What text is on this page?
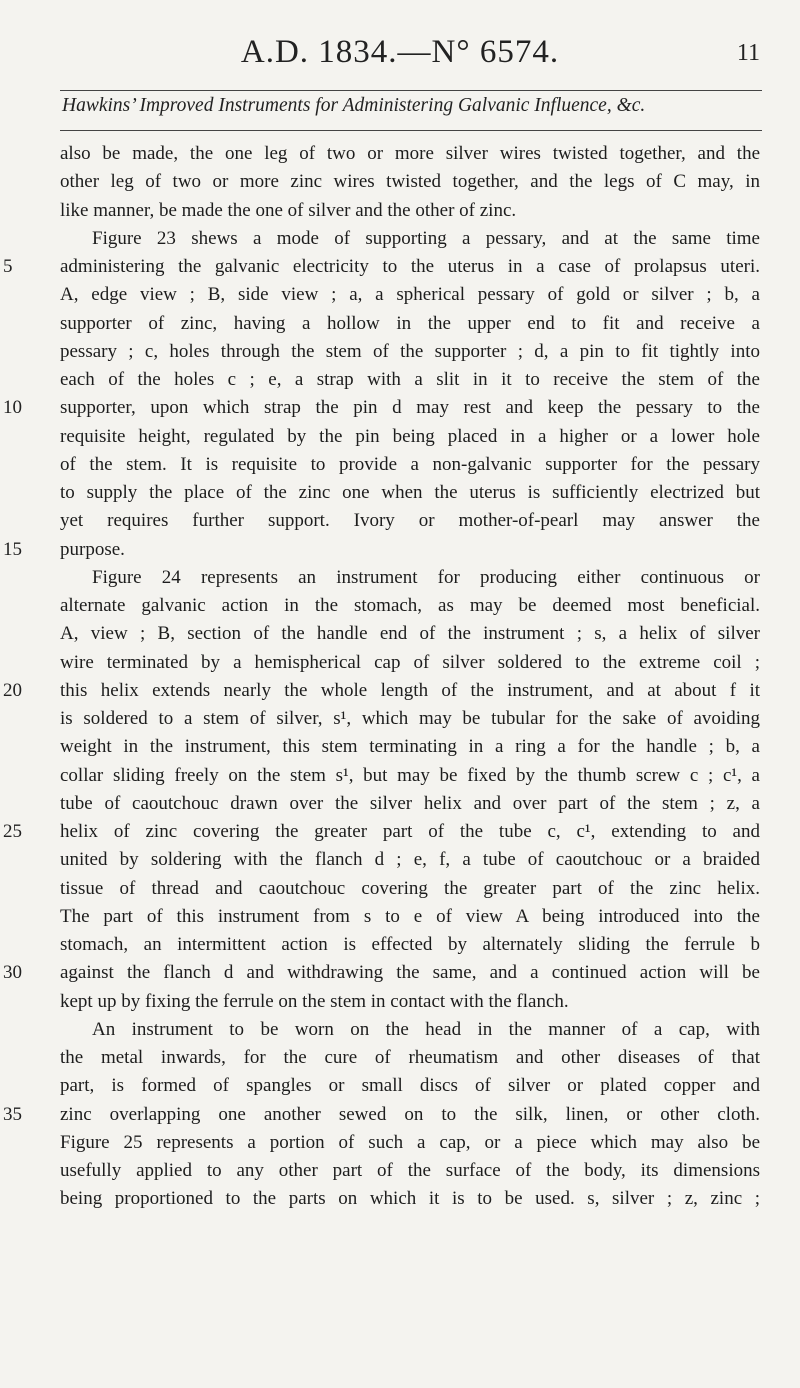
A.D. 1834.—N° 6574.	11
Hawkins’ Improved Instruments for Administering Galvanic Influence, &c.
also be made, the one leg of two or more silver wires twisted together, and the
other leg of two or more zinc wires twisted together, and the legs of C may, in
like manner, be made the one of silver and the other of zinc.
Figure 23 shews a mode of supporting a pessary, and at the same time
5	administering the galvanic electricity to the uterus in a case of prolapsus uteri.
A, edge view ; B, side view ; a, a spherical pessary of gold or silver ; b, a
supporter of zinc, having a hollow in the upper end to fit and receive a
pessary ; c, holes through the stem of the supporter ; d, a pin to fit tightly into
each of the holes c ; e, a strap with a slit in it to receive the stem of the
10 supporter, upon which strap the pin d may rest and keep the pessary to the
requisite height, regulated by the pin being placed in a higher or a lower hole
of the stem. It is requisite to provide a non-galvanic supporter for the pessary
to supply the place of the zinc one when the uterus is sufficiently electrized but
yet requires further support. Ivory or mother-of-pearl may answer the
15 purpose.
Figure 24 represents an instrument for producing either continuous or
alternate galvanic action in the stomach, as may be deemed most beneficial.
A, view ; B, section of the handle end of the instrument ; s, a helix of silver
wire terminated by a hemispherical cap of silver soldered to the extreme coil ;
20 this helix extends nearly the whole length of the instrument, and at about f it
is soldered to a stem of silver, s¹, which may be tubular for the sake of avoiding
weight in the instrument, this stem terminating in a ring a for the handle ; b, a
collar sliding freely on the stem s¹, but may be fixed by the thumb screw c ; c¹, a
tube of caoutchouc drawn over the silver helix and over part of the stem ; z, a
25 helix of zinc covering the greater part of the tube c, c¹, extending to and
united by soldering with the flanch d ; e, f, a tube of caoutchouc or a braided
tissue of thread and caoutchouc covering the greater part of the zinc helix.
The part of this instrument from s to e of view A being introduced into the
stomach, an intermittent action is effected by alternately sliding the ferrule b
30 against the flanch d and withdrawing the same, and a continued action will be
kept up by fixing the ferrule on the stem in contact with the flanch.
An instrument to be worn on the head in the manner of a cap, with
the metal inwards, for the cure of rheumatism and other diseases of that
part, is formed of spangles or small discs of silver or plated copper and
35 zinc overlapping one another sewed on to the silk, linen, or other cloth.
Figure 25 represents a portion of such a cap, or a piece which may also be
usefully applied to any other part of the surface of the body, its dimensions
being proportioned to the parts on which it is to be used. s, silver ; z, zinc ;
